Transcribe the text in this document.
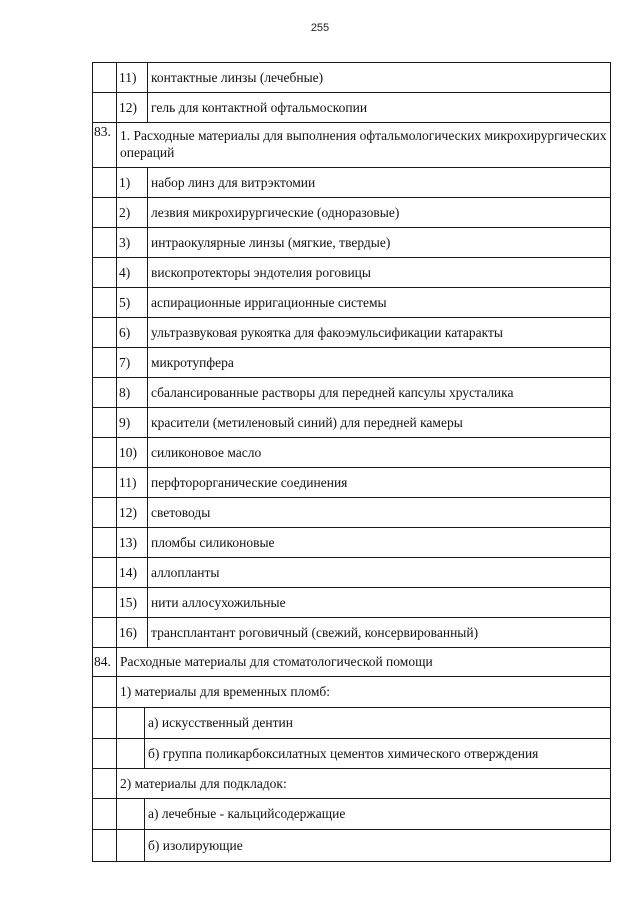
255
	11)		контактные линзы (лечебные)
	12)		гель для контактной офтальмоскопии
83.	1. Расходные материалы для выполнения офтальмологических микрохирургических операций		
	1)		набор линз для витрэктомии
	2)		лезвия микрохирургические (одноразовые)
	3)		интраокулярные линзы (мягкие, твердые)
	4)		вископротекторы эндотелия роговицы
	5)		аспирационные ирригационные системы
	6)		ультразвуковая рукоятка для факоэмульсификации катаракты
	7)		микротупфера
	8)		сбалансированные растворы для передней капсулы хрусталика
	9)		красители (метиленовый синий) для передней камеры
	10)		силиконовое масло
	11)		перфторорганические соединения
	12)		световоды
	13)		пломбы силиконовые
	14)		аллопланты
	15)		нити аллосухожильные
	16)		трансплантант роговичный (свежий, консервированный)
84.	Расходные материалы для стоматологической помощи		
	1) материалы для временных пломб:		
		а) искусственный дентин	
		б) группа поликарбоксилатных цементов химического отверждения	
	2) материалы для подкладок:		
		а) лечебные - кальцийсодержащие	
		б) изолирующие	
